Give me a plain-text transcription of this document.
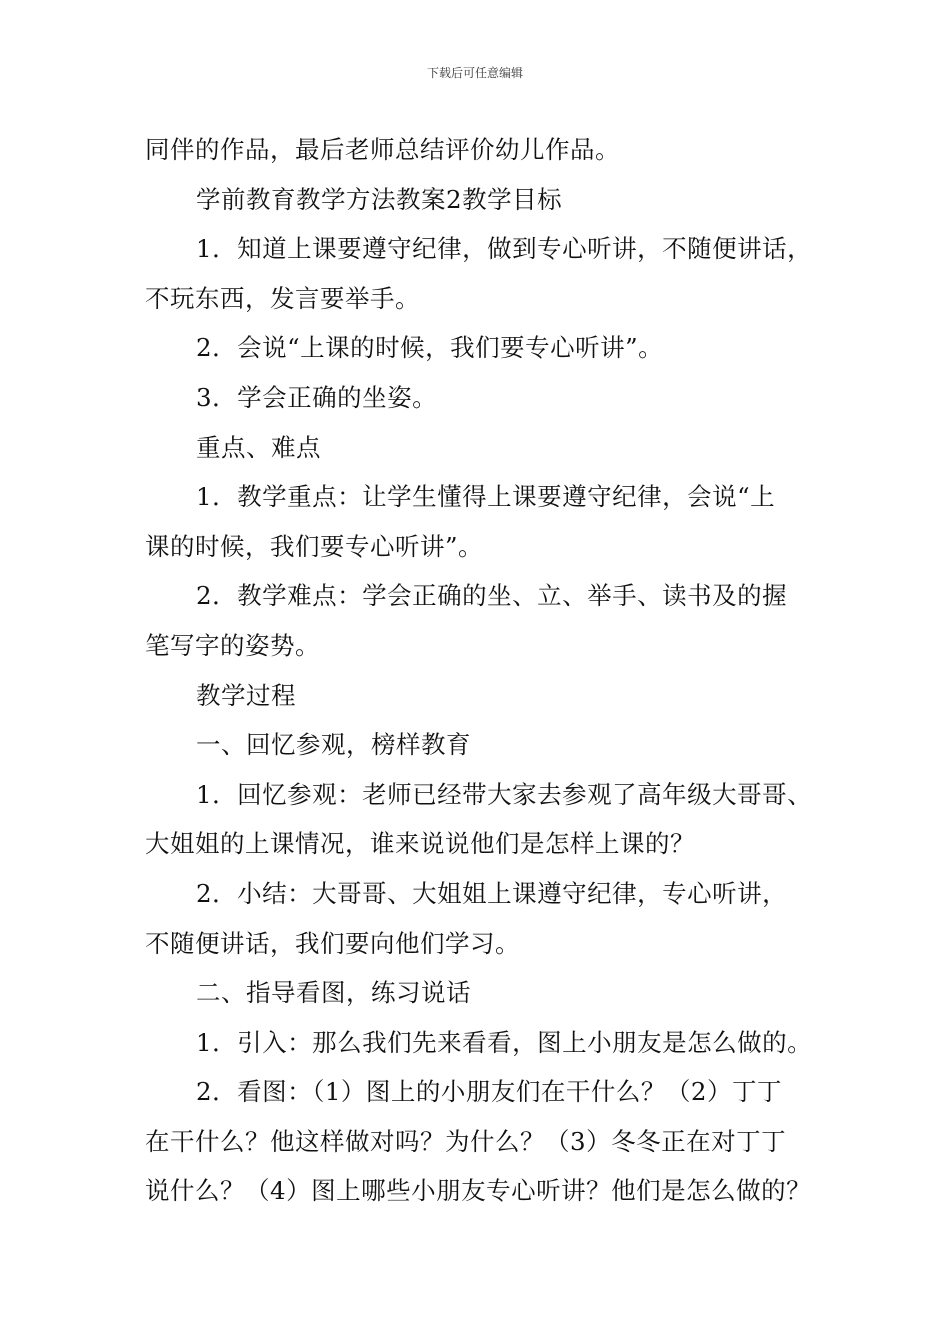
下载后可任意编辑

同伴的作品，最后老师总结评价幼儿作品。

学前教育教学方法教案2教学目标

1．知道上课要遵守纪律，做到专心听讲，不随便讲话，

不玩东西，发言要举手。

2．会说“上课的时候，我们要专心听讲”。

3．学会正确的坐姿。

重点、难点

1．教学重点：让学生懂得上课要遵守纪律，会说“上

课的时候，我们要专心听讲”。

2．教学难点：学会正确的坐、立、举手、读书及的握

笔写字的姿势。

教学过程

一、回忆参观，榜样教育

1．回忆参观：老师已经带大家去参观了高年级大哥哥、

大姐姐的上课情况，谁来说说他们是怎样上课的？

2．小结：大哥哥、大姐姐上课遵守纪律，专心听讲，

不随便讲话，我们要向他们学习。

二、指导看图，练习说话

1．引入：那么我们先来看看，图上小朋友是怎么做的。

2．看图：（1）图上的小朋友们在干什么？（2）丁丁

在干什么？他这样做对吗？为什么？（3）冬冬正在对丁丁

说什么？（4）图上哪些小朋友专心听讲？他们是怎么做的？
